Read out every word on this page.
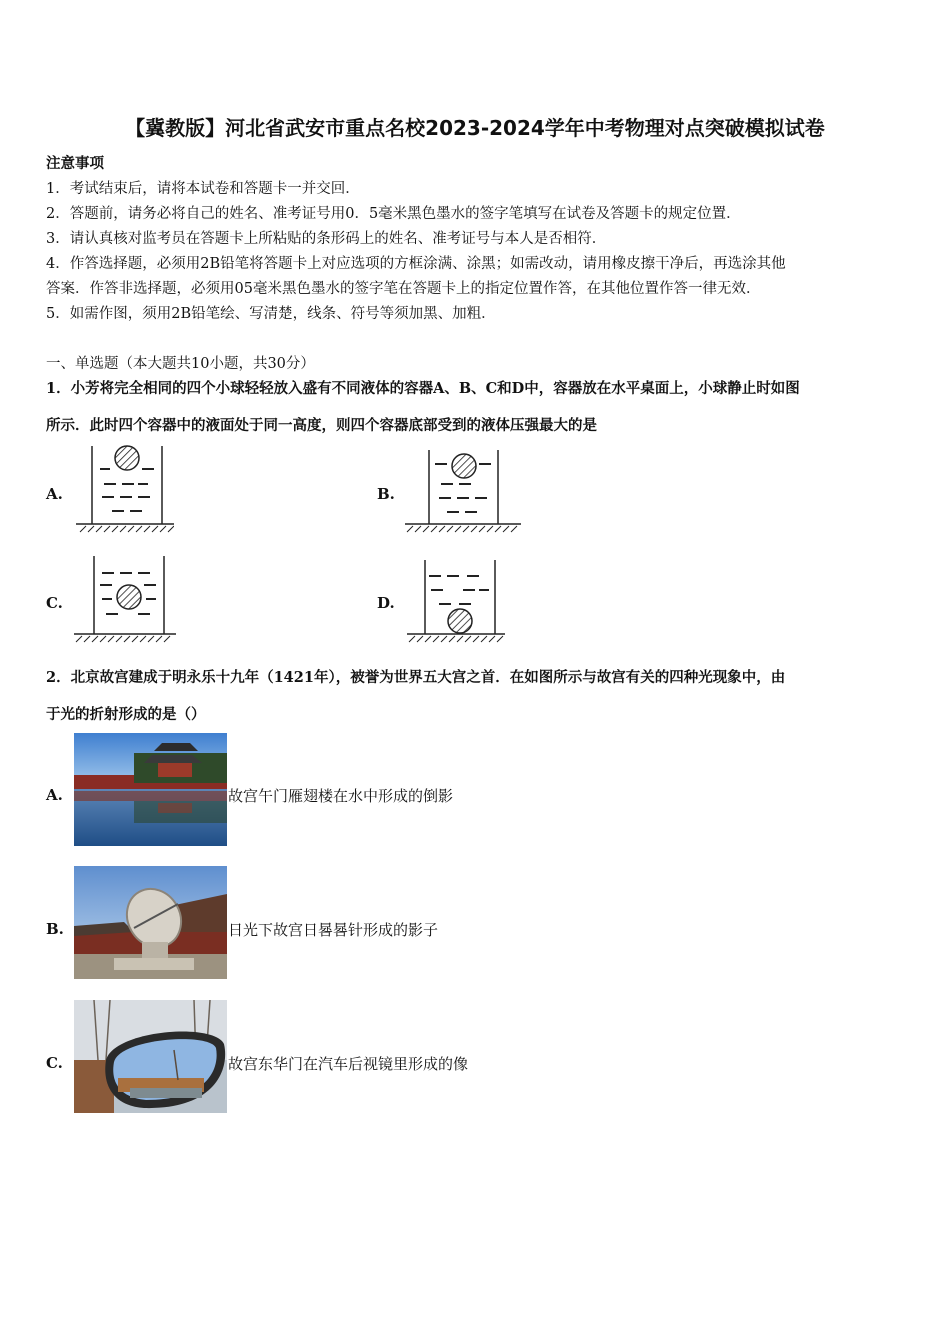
【冀教版】河北省武安市重点名校2023-2024学年中考物理对点突破模拟试卷
注意事项
1．考试结束后，请将本试卷和答题卡一并交回．
2．答题前，请务必将自己的姓名、准考证号用0．5毫米黑色墨水的签字笔填写在试卷及答题卡的规定位置．
3．请认真核对监考员在答题卡上所粘贴的条形码上的姓名、准考证号与本人是否相符．
4．作答选择题，必须用2B铅笔将答题卡上对应选项的方框涂满、涂黑；如需改动，请用橡皮擦干净后，再选涂其他
答案．作答非选择题，必须用05毫米黑色墨水的签字笔在答题卡上的指定位置作答，在其他位置作答一律无效．
5．如需作图，须用2B铅笔绘、写清楚，线条、符号等须加黑、加粗．
一、单选题（本大题共10小题，共30分）
1．小芳将完全相同的四个小球轻轻放入盛有不同液体的容器A、B、C和D中，容器放在水平桌面上，小球静止时如图
所示．此时四个容器中的液面处于同一高度，则四个容器底部受到的液体压强最大的是
A.	B.
C.	D.
2．北京故宫建成于明永乐十九年（1421年），被誉为世界五大宫之首．在如图所示与故宫有关的四种光现象中，由
于光的折射形成的是（）
A.	故宫午门雁翅楼在水中形成的倒影
B.	日光下故宫日晷晷针形成的影子
C.	故宫东华门在汽车后视镜里形成的像
